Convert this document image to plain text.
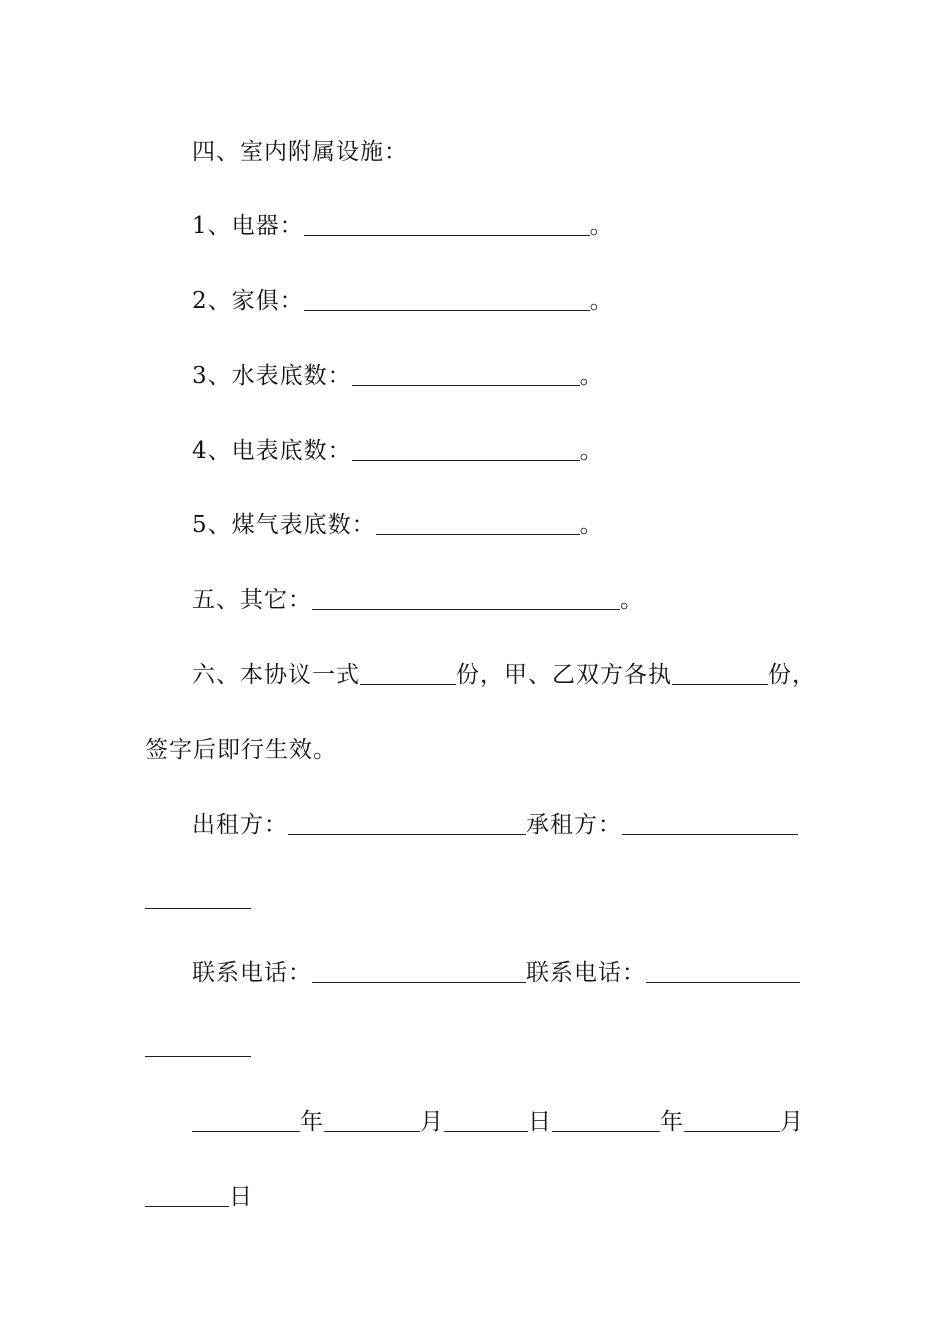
四、室内附属设施：
1、电器：	。
2、家俱：	。
3、水表底数：	。
4、电表底数：	。
5、煤气表底数：	。
五、其它：	。
六、本协议一式	份，甲、乙双方各执	份，
签字后即行生效。
出租方：	承租方：
联系电话：	联系电话：
年	月	日	年	月
日
